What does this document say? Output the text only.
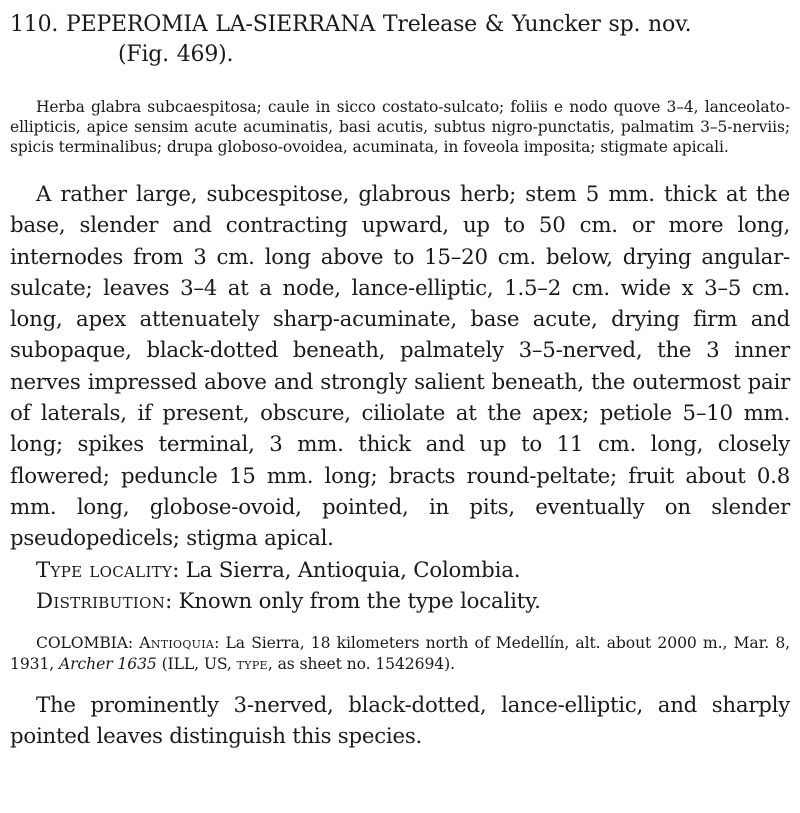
110. PEPEROMIA LA-SIERRANA Trelease & Yuncker sp. nov.
(Fig. 469).
Herba glabra subcaespitosa; caule in sicco costato-sulcato; foliis e nodo quove 3–4, lanceolato-ellipticis, apice sensim acute acuminatis, basi acutis, subtus nigro-punctatis, palmatim 3–5-nerviis; spicis terminalibus; drupa globoso-ovoidea, acuminata, in foveola imposita; stigmate apicali.
A rather large, subcespitose, glabrous herb; stem 5 mm. thick at the base, slender and contracting upward, up to 50 cm. or more long, internodes from 3 cm. long above to 15–20 cm. below, drying angular-sulcate; leaves 3–4 at a node, lance-elliptic, 1.5–2 cm. wide x 3–5 cm. long, apex attenuately sharp-acuminate, base acute, drying firm and subopaque, black-dotted beneath, palmately 3–5-nerved, the 3 inner nerves impressed above and strongly salient beneath, the outermost pair of laterals, if present, obscure, ciliolate at the apex; petiole 5–10 mm. long; spikes terminal, 3 mm. thick and up to 11 cm. long, closely flowered; peduncle 15 mm. long; bracts round-peltate; fruit about 0.8 mm. long, globose-ovoid, pointed, in pits, eventually on slender pseudopedicels; stigma apical.
Type locality: La Sierra, Antioquia, Colombia.
Distribution: Known only from the type locality.
COLOMBIA: Antioquia: La Sierra, 18 kilometers north of Medellín, alt. about 2000 m., Mar. 8, 1931, Archer 1635 (ILL, US, type, as sheet no. 1542694).
The prominently 3-nerved, black-dotted, lance-elliptic, and sharply pointed leaves distinguish this species.
